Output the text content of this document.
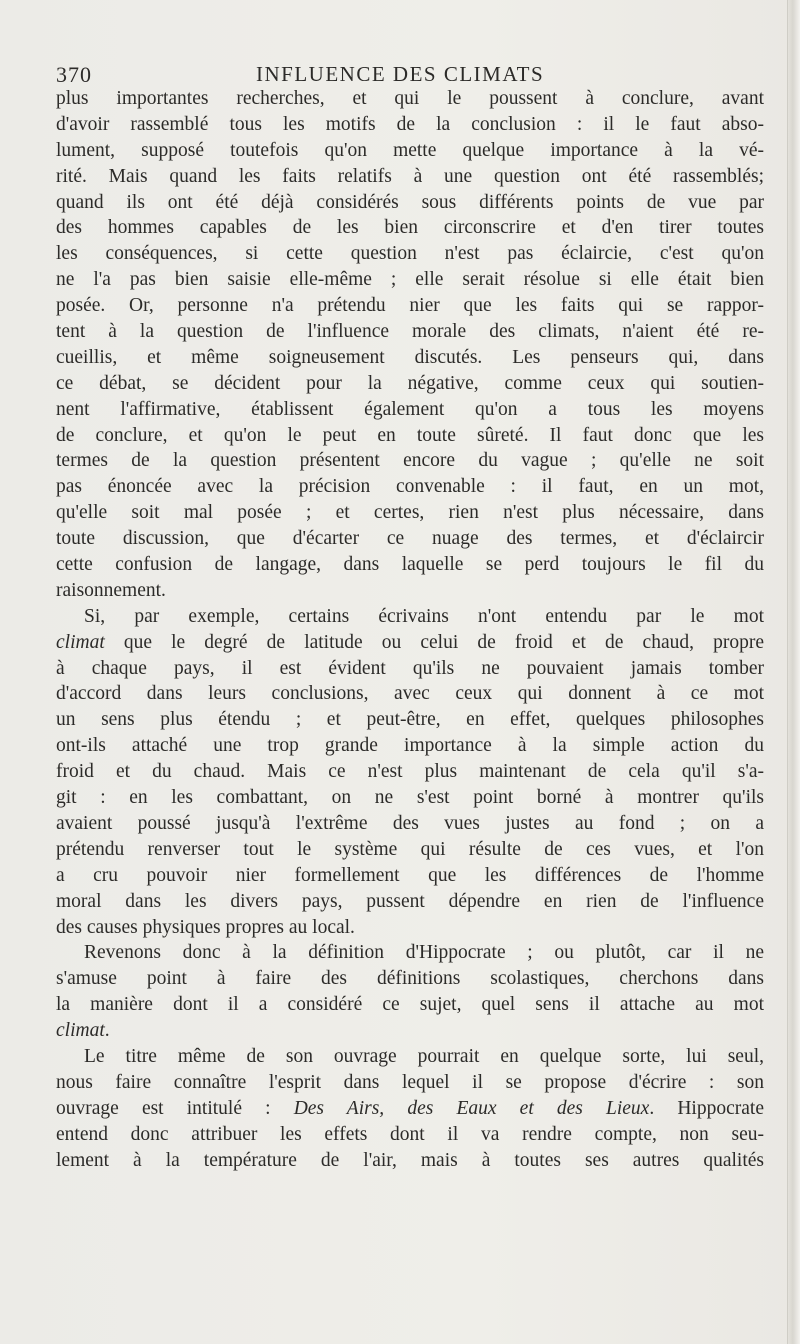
370	INFLUENCE DES CLIMATS
plus importantes recherches, et qui le poussent à conclure, avant
d'avoir rassemblé tous les motifs de la conclusion : il le faut abso-
lument, supposé toutefois qu'on mette quelque importance à la vé-
rité. Mais quand les faits relatifs à une question ont été rassemblés;
quand ils ont été déjà considérés sous différents points de vue par
des hommes capables de les bien circonscrire et d'en tirer toutes
les conséquences, si cette question n'est pas éclaircie, c'est qu'on
ne l'a pas bien saisie elle-même ; elle serait résolue si elle était bien
posée. Or, personne n'a prétendu nier que les faits qui se rappor-
tent à la question de l'influence morale des climats, n'aient été re-
cueillis, et même soigneusement discutés. Les penseurs qui, dans
ce débat, se décident pour la négative, comme ceux qui soutien-
nent l'affirmative, établissent également qu'on a tous les moyens
de conclure, et qu'on le peut en toute sûreté. Il faut donc que les
termes de la question présentent encore du vague ; qu'elle ne soit
pas énoncée avec la précision convenable : il faut, en un mot,
qu'elle soit mal posée ; et certes, rien n'est plus nécessaire, dans
toute discussion, que d'écarter ce nuage des termes, et d'éclaircir
cette confusion de langage, dans laquelle se perd toujours le fil du
raisonnement.
Si, par exemple, certains écrivains n'ont entendu par le mot
climat que le degré de latitude ou celui de froid et de chaud, propre
à chaque pays, il est évident qu'ils ne pouvaient jamais tomber
d'accord dans leurs conclusions, avec ceux qui donnent à ce mot
un sens plus étendu ; et peut-être, en effet, quelques philosophes
ont-ils attaché une trop grande importance à la simple action du
froid et du chaud. Mais ce n'est plus maintenant de cela qu'il s'a-
git : en les combattant, on ne s'est point borné à montrer qu'ils
avaient poussé jusqu'à l'extrême des vues justes au fond ; on a
prétendu renverser tout le système qui résulte de ces vues, et l'on
a cru pouvoir nier formellement que les différences de l'homme
moral dans les divers pays, pussent dépendre en rien de l'influence
des causes physiques propres au local.
Revenons donc à la définition d'Hippocrate ; ou plutôt, car il ne
s'amuse point à faire des définitions scolastiques, cherchons dans
la manière dont il a considéré ce sujet, quel sens il attache au mot
climat.
Le titre même de son ouvrage pourrait en quelque sorte, lui seul,
nous faire connaître l'esprit dans lequel il se propose d'écrire : son
ouvrage est intitulé : Des Airs, des Eaux et des Lieux. Hippocrate
entend donc attribuer les effets dont il va rendre compte, non seu-
lement à la température de l'air, mais à toutes ses autres qualités
